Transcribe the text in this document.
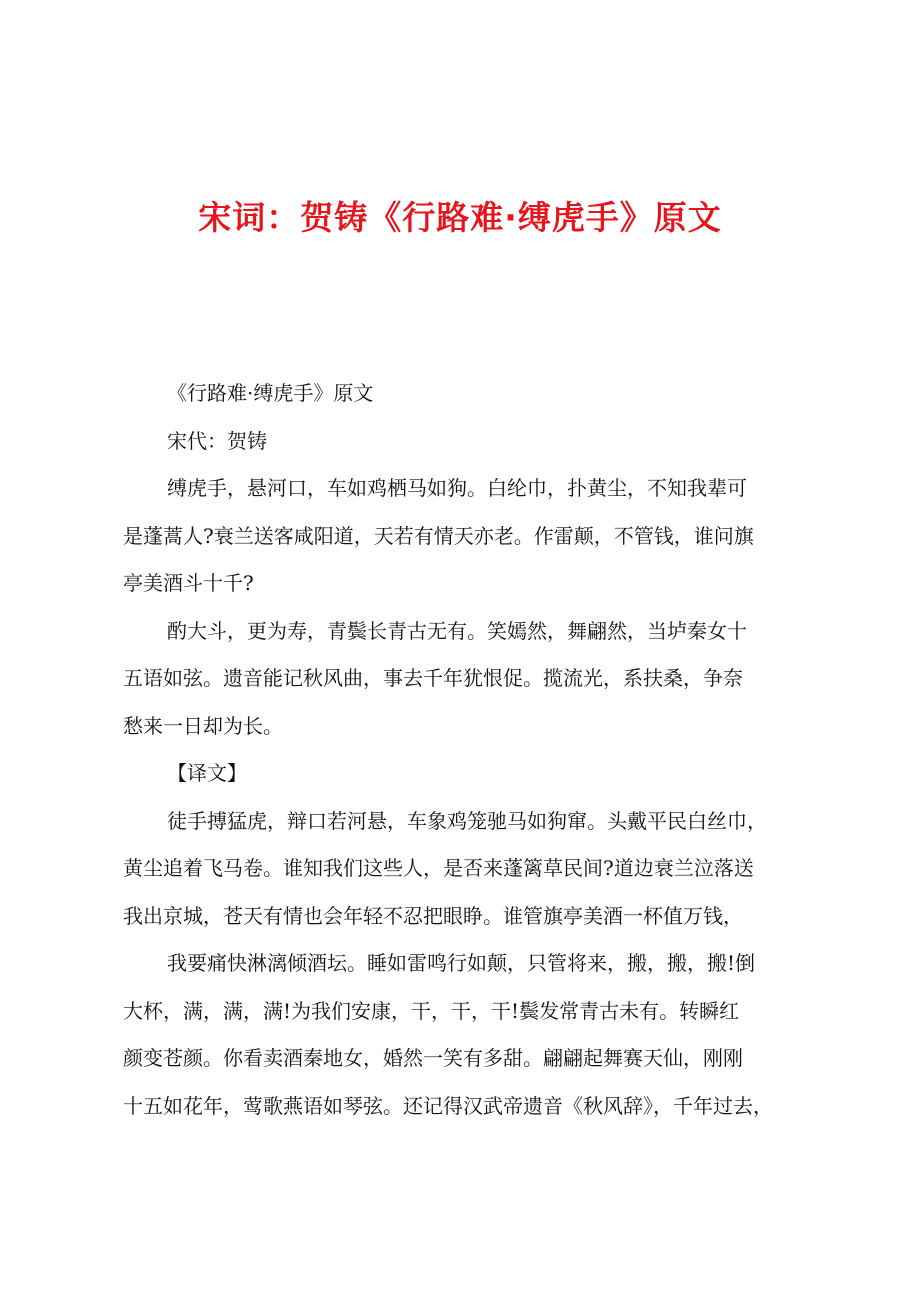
宋词：贺铸《行路难·缚虎手》原文
《行路难·缚虎手》原文
宋代：贺铸
缚虎手，悬河口，车如鸡栖马如狗。白纶巾，扑黄尘，不知我辈可
是蓬蒿人?衰兰送客咸阳道，天若有情天亦老。作雷颠，不管钱，谁问旗
亭美酒斗十千?
酌大斗，更为寿，青鬓长青古无有。笑嫣然，舞翩然，当垆秦女十
五语如弦。遗音能记秋风曲，事去千年犹恨促。揽流光，系扶桑，争奈
愁来一日却为长。
【译文】
徒手搏猛虎，辩口若河悬，车象鸡笼驰马如狗窜。头戴平民白丝巾，
黄尘追着飞马卷。谁知我们这些人，是否来蓬篱草民间?道边衰兰泣落送
我出京城，苍天有情也会年轻不忍把眼睁。谁管旗亭美酒一杯值万钱，
我要痛快淋漓倾酒坛。睡如雷鸣行如颠，只管将来，搬，搬，搬!倒
大杯，满，满，满!为我们安康，干，干，干!鬓发常青古未有。转瞬红
颜变苍颜。你看卖酒秦地女，婚然一笑有多甜。翩翩起舞赛天仙，刚刚
十五如花年，莺歌燕语如琴弦。还记得汉武帝遗音《秋风辞》，千年过去，
